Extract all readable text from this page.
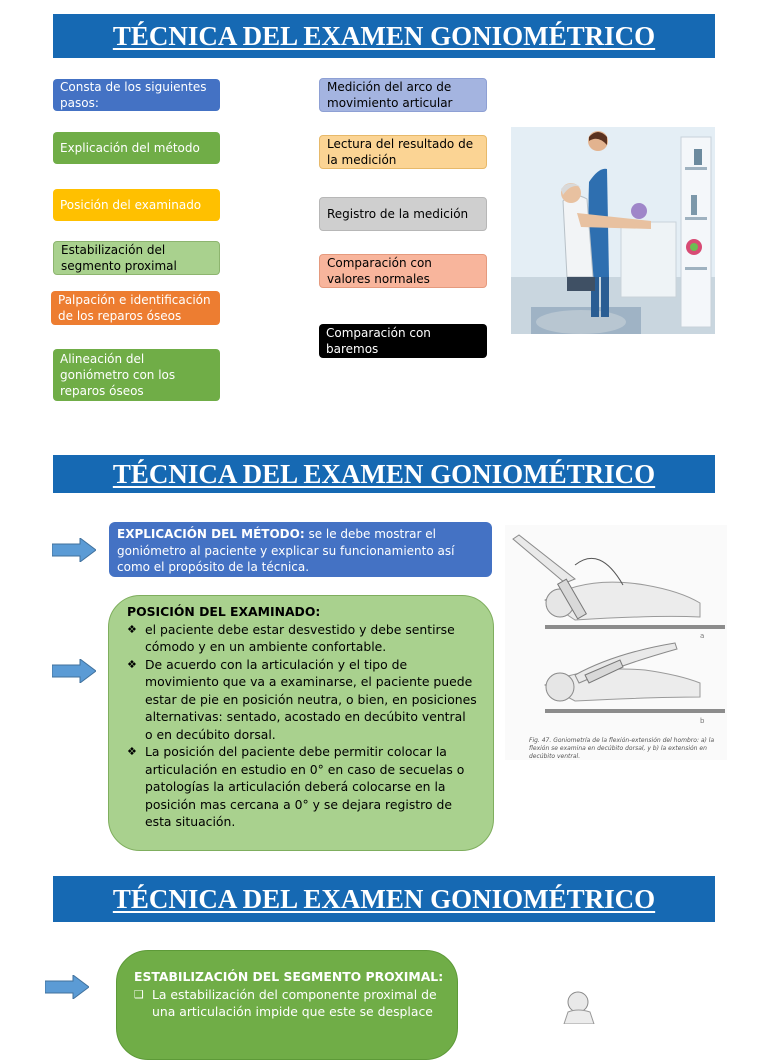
TÉCNICA DEL EXAMEN GONIOMÉTRICO
Consta de los siguientes pasos:
Explicación del método
Posición del examinado
Estabilización del segmento proximal
Palpación e identificación de los reparos óseos
Alineación del goniómetro con los reparos óseos
Medición del arco de movimiento articular
Lectura del resultado de la medición
Registro de la medición
Comparación con valores normales
Comparación con baremos
TÉCNICA DEL EXAMEN GONIOMÉTRICO
EXPLICACIÓN DEL MÉTODO: se le debe mostrar el goniómetro al paciente y explicar su funcionamiento así como el propósito de la técnica.
POSICIÓN DEL EXAMINADO:
❖ el paciente debe estar desvestido y debe sentirse cómodo y en un ambiente confortable.
❖ De acuerdo con la articulación y el tipo de movimiento que va a examinarse, el paciente puede estar de pie en posición neutra, o bien, en posiciones alternativas: sentado, acostado en decúbito ventral o en decúbito dorsal.
❖ La posición del paciente debe permitir colocar la articulación en estudio en 0° en caso de secuelas o patologías la articulación deberá colocarse en la posición mas cercana a 0° y se dejara registro de esta situación.
a
b
Fig. 47. Goniometría de la flexión-extensión del hombro: a) la flexión se examina en decúbito dorsal, y b) la extensión en decúbito ventral.
TÉCNICA DEL EXAMEN GONIOMÉTRICO
ESTABILIZACIÓN DEL SEGMENTO PROXIMAL:
❑ La estabilización del componente proximal de una articulación impide que este se desplace
